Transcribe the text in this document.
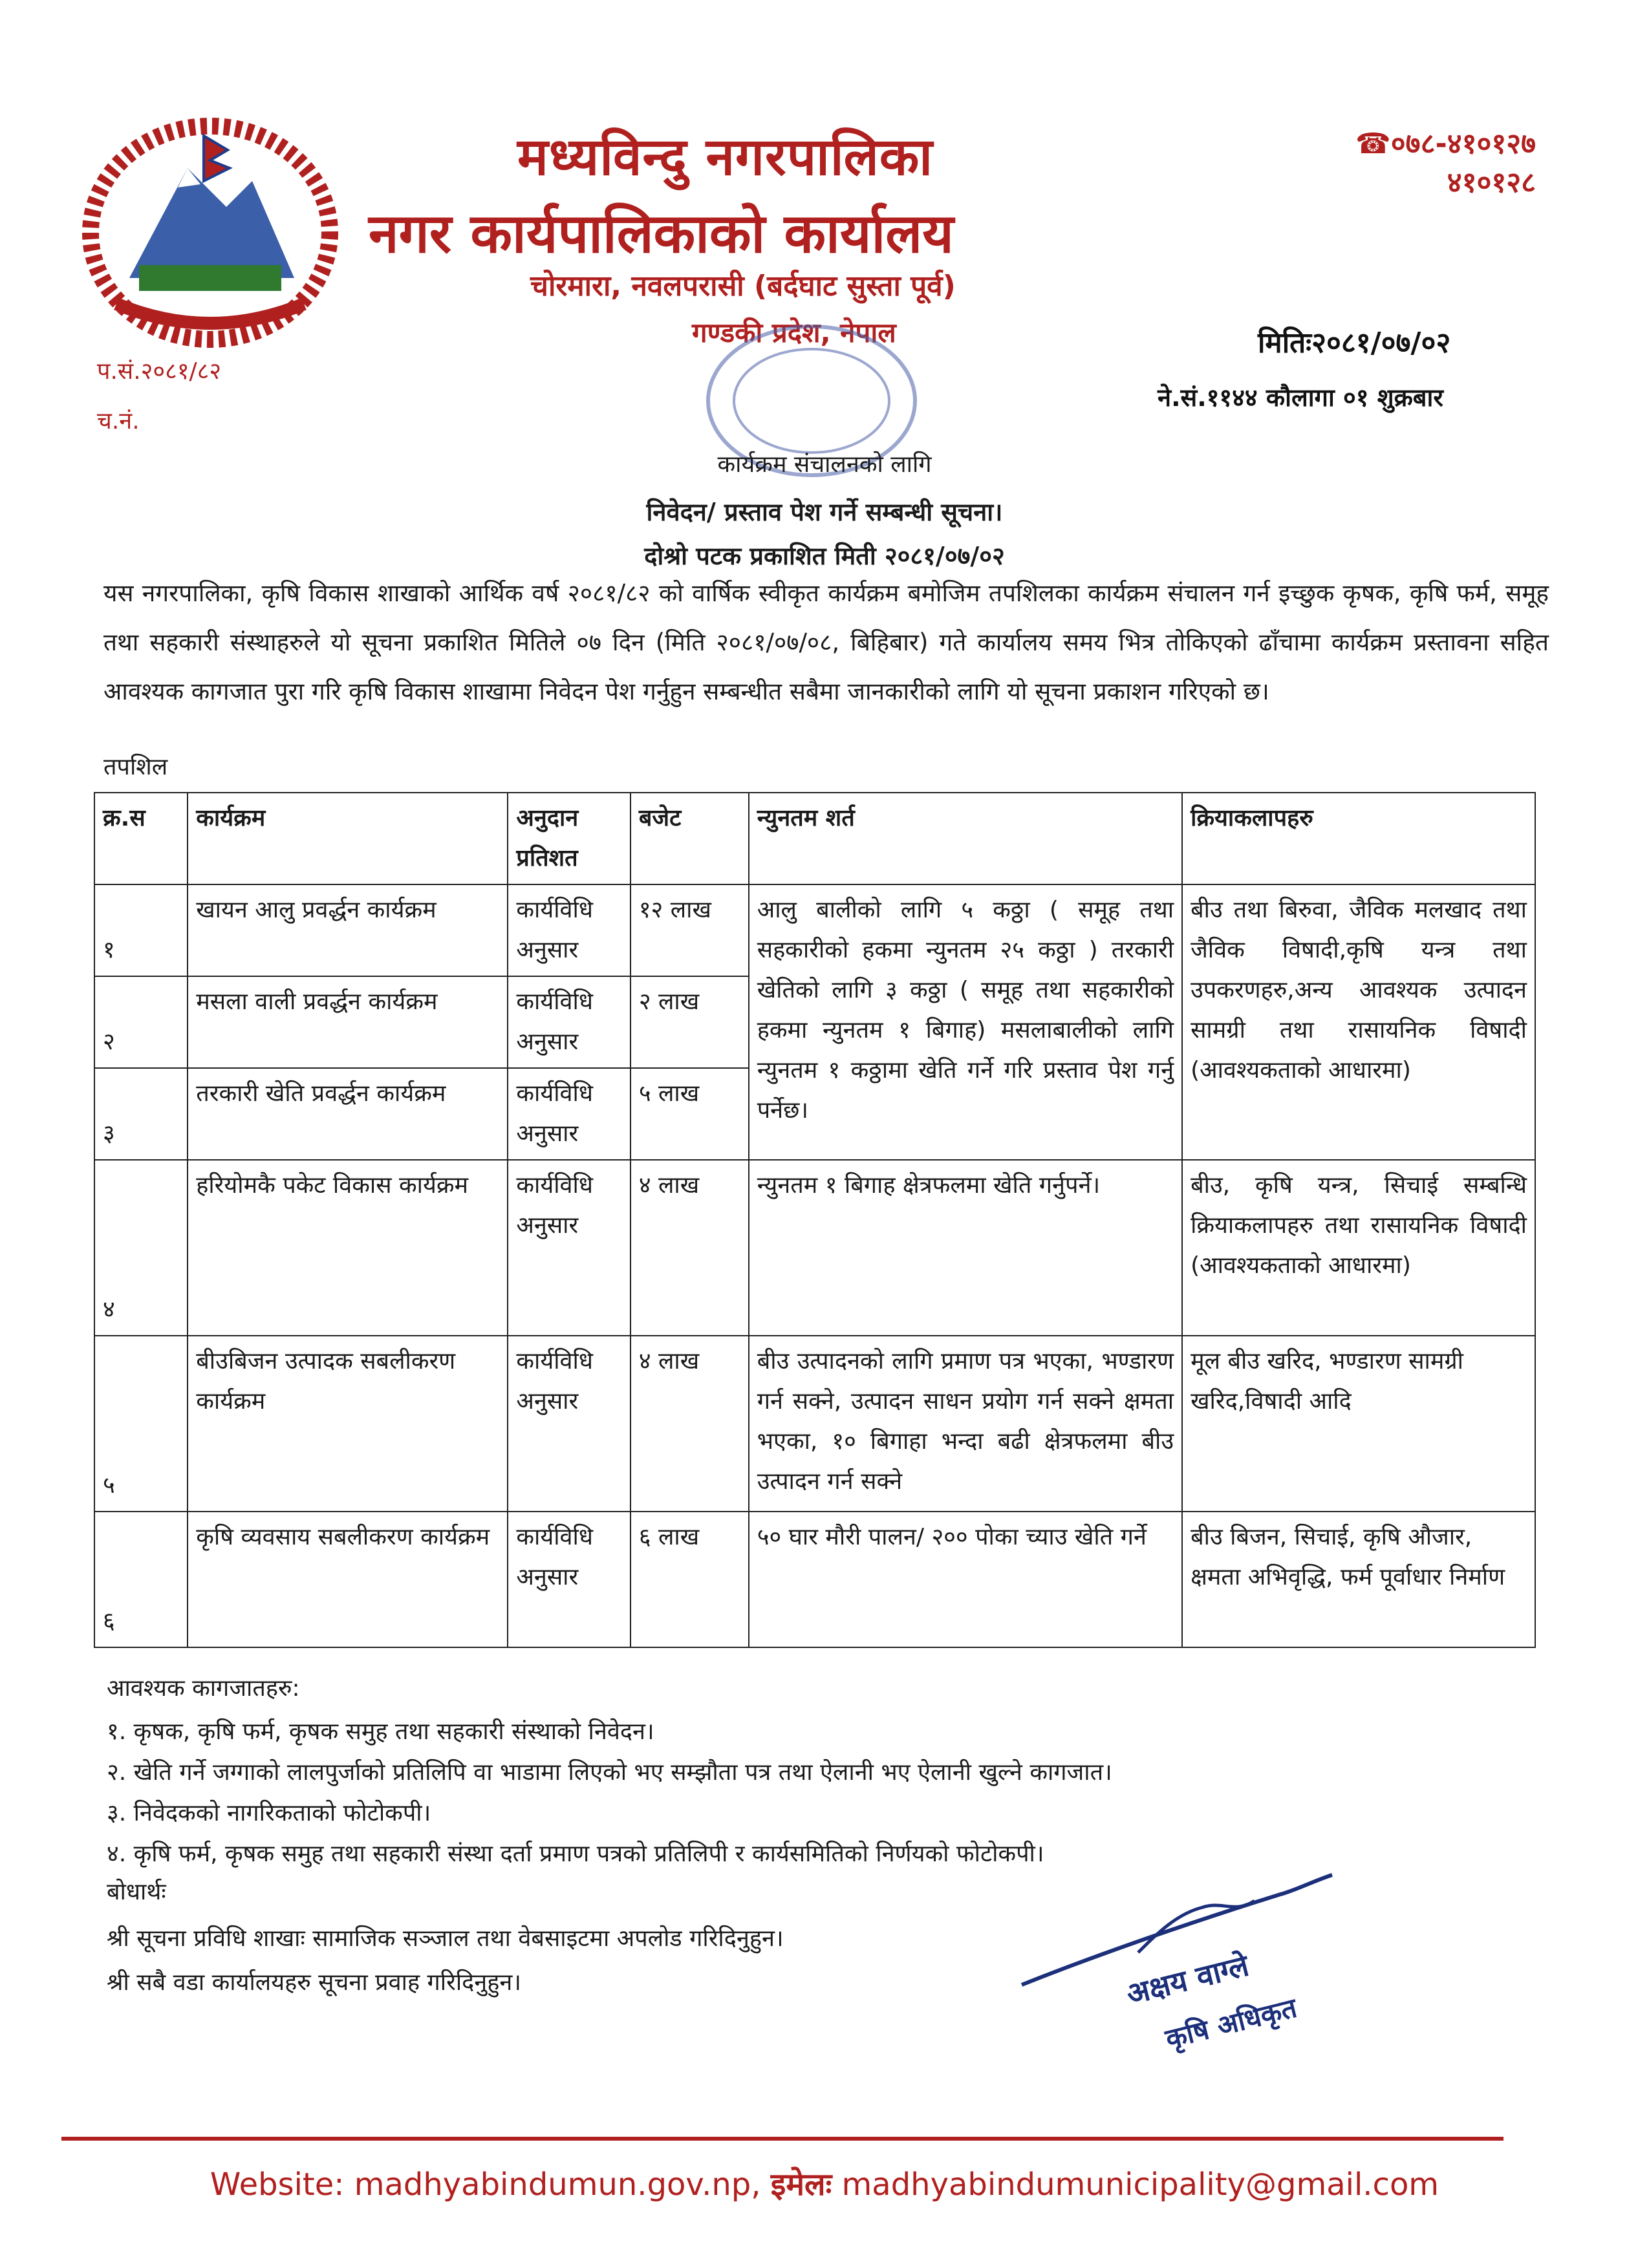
मध्यविन्दु नगरपालिका
नगर कार्यपालिकाको कार्यालय
चोरमारा, नवलपरासी (बर्दघाट सुस्ता पूर्व)
गण्डकी प्रदेश, नेपाल
☎०७८-४१०१२७
४१०१२८
प.सं.२०८१/८२
च.नं.
मितिः२०८१/०७/०२
ने.सं.११४४ कौलागा ०१ शुक्रबार
कार्यक्रम संचालनको लागि
निवेदन/ प्रस्ताव पेश गर्ने सम्बन्धी सूचना।
दोश्रो पटक प्रकाशित मिती २०८१/०७/०२
यस नगरपालिका, कृषि विकास शाखाको आर्थिक वर्ष २०८१/८२ को वार्षिक स्वीकृत कार्यक्रम बमोजिम तपशिलका कार्यक्रम संचालन गर्न इच्छुक कृषक, कृषि फर्म, समूह तथा सहकारी संस्थाहरुले यो सूचना प्रकाशित मितिले ०७ दिन (मिति २०८१/०७/०८, बिहिबार) गते कार्यालय समय भित्र तोकिएको ढाँचामा कार्यक्रम प्रस्तावना सहित आवश्यक कागजात पुरा गरि कृषि विकास शाखामा निवेदन पेश गर्नुहुन सम्बन्धीत सबैमा जानकारीको लागि यो सूचना प्रकाशन गरिएको छ।
तपशिल
क्र.स	कार्यक्रम	अनुदान प्रतिशत	बजेट	न्युनतम शर्त	क्रियाकलापहरु
१	खायन आलु प्रवर्द्धन कार्यक्रम	कार्यविधि अनुसार	१२ लाख	आलु बालीको लागि ५ कठ्ठा ( समूह तथा सहकारीको हकमा न्युनतम २५ कठ्ठा ) तरकारी खेतिको लागि ३ कठ्ठा ( समूह तथा सहकारीको हकमा न्युनतम १ बिगाह) मसलाबालीको लागि न्युनतम १ कठ्ठामा खेति गर्ने गरि प्रस्ताव पेश गर्नु पर्नेछ।	बीउ तथा बिरुवा, जैविक मलखाद तथा जैविक विषादी,कृषि यन्त्र तथा उपकरणहरु,अन्य आवश्यक उत्पादन सामग्री तथा रासायनिक विषादी (आवश्यकताको आधारमा)
२	मसला वाली प्रवर्द्धन कार्यक्रम	कार्यविधि अनुसार	२ लाख		
३	तरकारी खेति प्रवर्द्धन कार्यक्रम	कार्यविधि अनुसार	५ लाख		
४	हरियोमकै पकेट विकास कार्यक्रम	कार्यविधि अनुसार	४ लाख	न्युनतम १ बिगाह क्षेत्रफलमा खेति गर्नुपर्ने।	बीउ, कृषि यन्त्र, सिचाई सम्बन्धि क्रियाकलापहरु तथा रासायनिक विषादी (आवश्यकताको आधारमा)
५	बीउबिजन उत्पादक सबलीकरण कार्यक्रम	कार्यविधि अनुसार	४ लाख	बीउ उत्पादनको लागि प्रमाण पत्र भएका, भण्डारण गर्न सक्ने, उत्पादन साधन प्रयोग गर्न सक्ने क्षमता भएका, १० बिगाहा भन्दा बढी क्षेत्रफलमा बीउ उत्पादन गर्न सक्ने	मूल बीउ खरिद, भण्डारण सामग्री खरिद,विषादी आदि
६	कृषि व्यवसाय सबलीकरण कार्यक्रम	कार्यविधि अनुसार	६ लाख	५० घार मौरी पालन/ २०० पोका च्याउ खेति गर्ने	बीउ बिजन, सिचाई, कृषि औजार, क्षमता अभिवृद्धि, फर्म पूर्वाधार निर्माण
आवश्यक कागजातहरु:
१. कृषक, कृषि फर्म, कृषक समुह तथा सहकारी संस्थाको निवेदन।
२. खेति गर्ने जग्गाको लालपुर्जाको प्रतिलिपि वा भाडामा लिएको भए सम्झौता पत्र तथा ऐलानी भए ऐलानी खुल्ने कागजात।
३. निवेदकको नागरिकताको फोटोकपी।
४. कृषि फर्म, कृषक समुह तथा सहकारी संस्था दर्ता प्रमाण पत्रको प्रतिलिपी र कार्यसमितिको निर्णयको फोटोकपी।
बोधार्थः
श्री सूचना प्रविधि शाखाः सामाजिक सञ्जाल तथा वेबसाइटमा अपलोड गरिदिनुहुन।
श्री सबै वडा कार्यालयहरु सूचना प्रवाह गरिदिनुहुन।	अक्षय वाग्ले
कृषि अधिकृत
Website: madhyabindumun.gov.np, इमेलः madhyabindumunicipality@gmail.com
